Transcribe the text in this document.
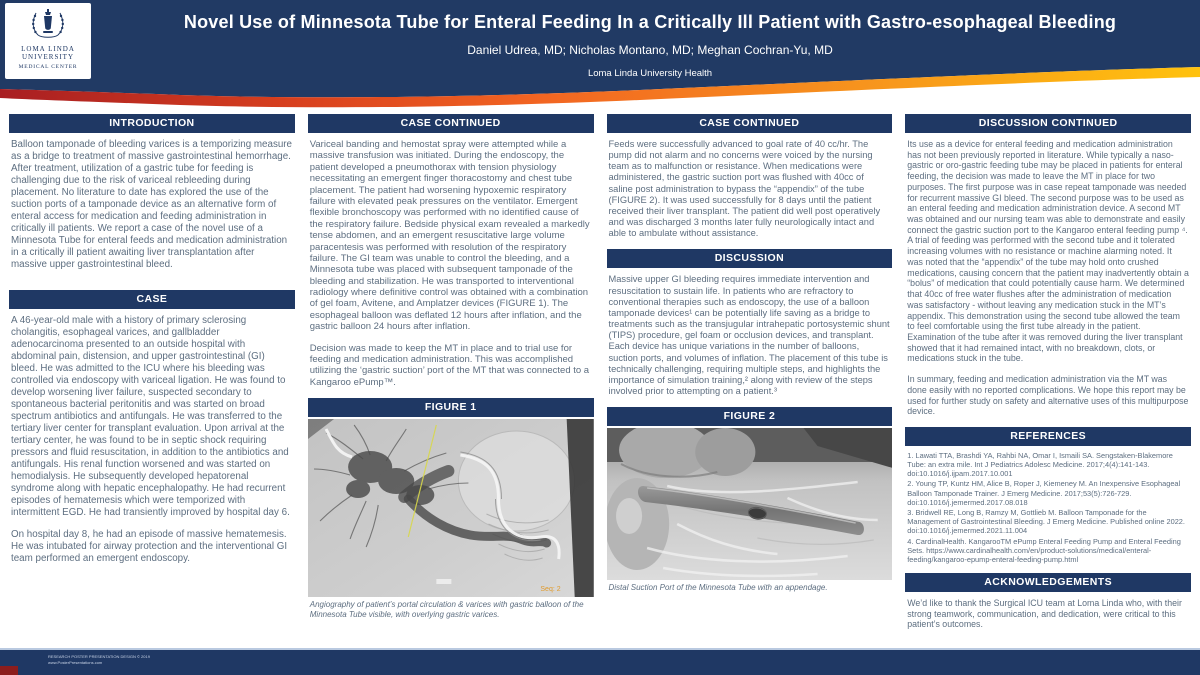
Novel Use of Minnesota Tube for Enteral Feeding In a Critically Ill Patient with Gastro-esophageal Bleeding
Daniel Udrea, MD; Nicholas Montano, MD; Meghan Cochran-Yu, MD
Loma Linda University Health
LOMA LINDA
UNIVERSITY
MEDICAL CENTER
INTRODUCTION

Balloon tamponade of bleeding varices is a temporizing measure as a bridge to treatment of massive gastrointestinal hemorrhage. After treatment, utilization of a gastric tube for feeding is challenging due to the risk of variceal rebleeding during placement. No literature to date has explored the use of the suction ports of a tamponade device as an alternative form of enteral access for medication and feeding administration in critically ill patients. We report a case of the novel use of a Minnesota Tube for enteral feeds and medication administration in a critically ill patient awaiting liver transplantation after massive upper gastrointestinal bleed.

CASE

A 46-year-old male with a history of primary sclerosing cholangitis, esophageal varices, and gallbladder adenocarcinoma presented to an outside hospital with abdominal pain, distension, and upper gastrointestinal (GI) bleed. He was admitted to the ICU where his bleeding was controlled via endoscopy with variceal ligation. He was found to develop worsening liver failure, suspected secondary to spontaneous bacterial peritonitis and was started on broad spectrum antibiotics and antifungals. He was transferred to the tertiary liver center for transplant evaluation. Upon arrival at the tertiary center, he was found to be in septic shock requiring pressors and fluid resuscitation, in addition to the antibiotics and antifungals. His renal function worsened and was started on hemodialysis. He subsequently developed hepatorenal syndrome along with hepatic encephalopathy. He had recurrent episodes of hematemesis which were temporized with intermittent EGD. He had transiently improved by hospital day 6.

On hospital day 8, he had an episode of massive hematemesis. He was intubated for airway protection and the interventional GI team performed an emergent endoscopy.

CASE CONTINUED

Variceal banding and hemostat spray were attempted while a massive transfusion was initiated. During the endoscopy, the patient developed a pneumothorax with tension physiology necessitating an emergent finger thoracostomy and chest tube placement. The patient had worsening hypoxemic respiratory failure with elevated peak pressures on the ventilator. Emergent flexible bronchoscopy was performed with no identified cause of the respiratory failure. Bedside physical exam revealed a markedly tense abdomen, and an emergent resuscitative large volume paracentesis was performed with resolution of the respiratory failure. The GI team was unable to control the bleeding, and a Minnesota tube was placed with subsequent tamponade of the bleeding and stabilization. He was transported to interventional radiology where definitive control was obtained with a combination of gel foam, Avitene, and Amplatzer devices (FIGURE 1). The esophageal balloon was deflated 12 hours after inflation, and the gastric balloon 24 hours after inflation.

Decision was made to keep the MT in place and to trial use for feeding and medication administration. This was accomplished utilizing the ‘gastric suction’ port of the MT that was connected to a Kangaroo ePump™.

FIGURE 1
Seq: 2
Angiography of patient’s portal circulation & varices with gastric balloon of the Minnesota Tube visible, with overlying gastric varices.
CASE CONTINUED

Feeds were successfully advanced to goal rate of 40 cc/hr. The pump did not alarm and no concerns were voiced by the nursing team as to malfunction or resistance. When medications were administered, the gastric suction port was flushed with 40cc of saline post administration to bypass the “appendix” of the tube (FIGURE 2). It was used successfully for 8 days until the patient received their liver transplant. The patient did well post operatively and was discharged 3 months later fully neurologically intact and able to ambulate without assistance.

DISCUSSION

Massive upper GI bleeding requires immediate intervention and resuscitation to sustain life. In patients who are refractory to conventional therapies such as endoscopy, the use of a balloon tamponade devices¹ can be potentially life saving as a bridge to treatments such as the transjugular intrahepatic portosystemic shunt (TIPS) procedure, gel foam or occlusion devices, and transplant. Each device has unique variations in the number of balloons, suction ports, and volumes of inflation. The placement of this tube is technically challenging, requiring multiple steps, and highlights the importance of simulation training,² along with review of the steps involved prior to attempting on a patient.³

FIGURE 2
Distal Suction Port of the Minnesota Tube with an appendage.
DISCUSSION CONTINUED

Its use as a device for enteral feeding and medication administration has not been previously reported in literature. While typically a naso-gastric or oro-gastric feeding tube may be placed in patients for enteral feeding, the decision was made to leave the MT in place for two purposes. The first purpose was in case repeat tamponade was needed for recurrent massive GI bleed. The second purpose was to be used as an enteral feeding and medication administration device. A second MT was obtained and our nursing team was able to demonstrate and easily connect the gastric suction port to the Kangaroo enteral feeding pump ⁴. A trial of feeding was performed with the second tube and it tolerated increasing volumes with no resistance or machine alarming noted. It was noted that the “appendix” of the tube may hold onto crushed medications, causing concern that the patient may inadvertently obtain a “bolus” of medication that could potentially cause harm. We determined that 40cc of free water flushes after the administration of medication was satisfactory - without leaving any medication stuck in the MT’s appendix. This demonstration using the second tube allowed the team to feel comfortable using the first tube already in the patient. Examination of the tube after it was removed during the liver transplant showed that it had remained intact, with no breakdown, clots, or medications stuck in the tube.

In summary, feeding and medication administration via the MT was done easily with no reported complications. We hope this report may be used for further study on safety and alternative uses of this multipurpose device.

REFERENCES
1. Lawati TTA, Brashdi YA, Rahbi NA, Omar I, Ismaili SA. Sengstaken-Blakemore Tube: an extra mile. Int J Pediatrics Adolesc Medicine. 2017;4(4):141-143. doi:10.1016/j.ijpam.2017.10.001
2. Young TP, Kuntz HM, Alice B, Roper J, Kiemeney M. An Inexpensive Esophageal Balloon Tamponade Trainer. J Emerg Medicine. 2017;53(5):726-729. doi:10.1016/j.jemermed.2017.08.018
3. Bridwell RE, Long B, Ramzy M, Gottlieb M. Balloon Tamponade for the Management of Gastrointestinal Bleeding. J Emerg Medicine. Published online 2022. doi:10.1016/j.jemermed.2021.11.004
4. CardinalHealth. KangarooTM ePump Enteral Feeding Pump and Enteral Feeding Sets. https://www.cardinalhealth.com/en/product-solutions/medical/enteral-feeding/kangaroo-epump-enteral-feeding-pump.html
ACKNOWLEDGEMENTS

We’d like to thank the Surgical ICU team at Loma Linda who, with their strong teamwork, communication, and dedication, were critical to this patient’s outcomes.

RESEARCH POSTER PRESENTATION DESIGN © 2019
www.PosterPresentations.com
